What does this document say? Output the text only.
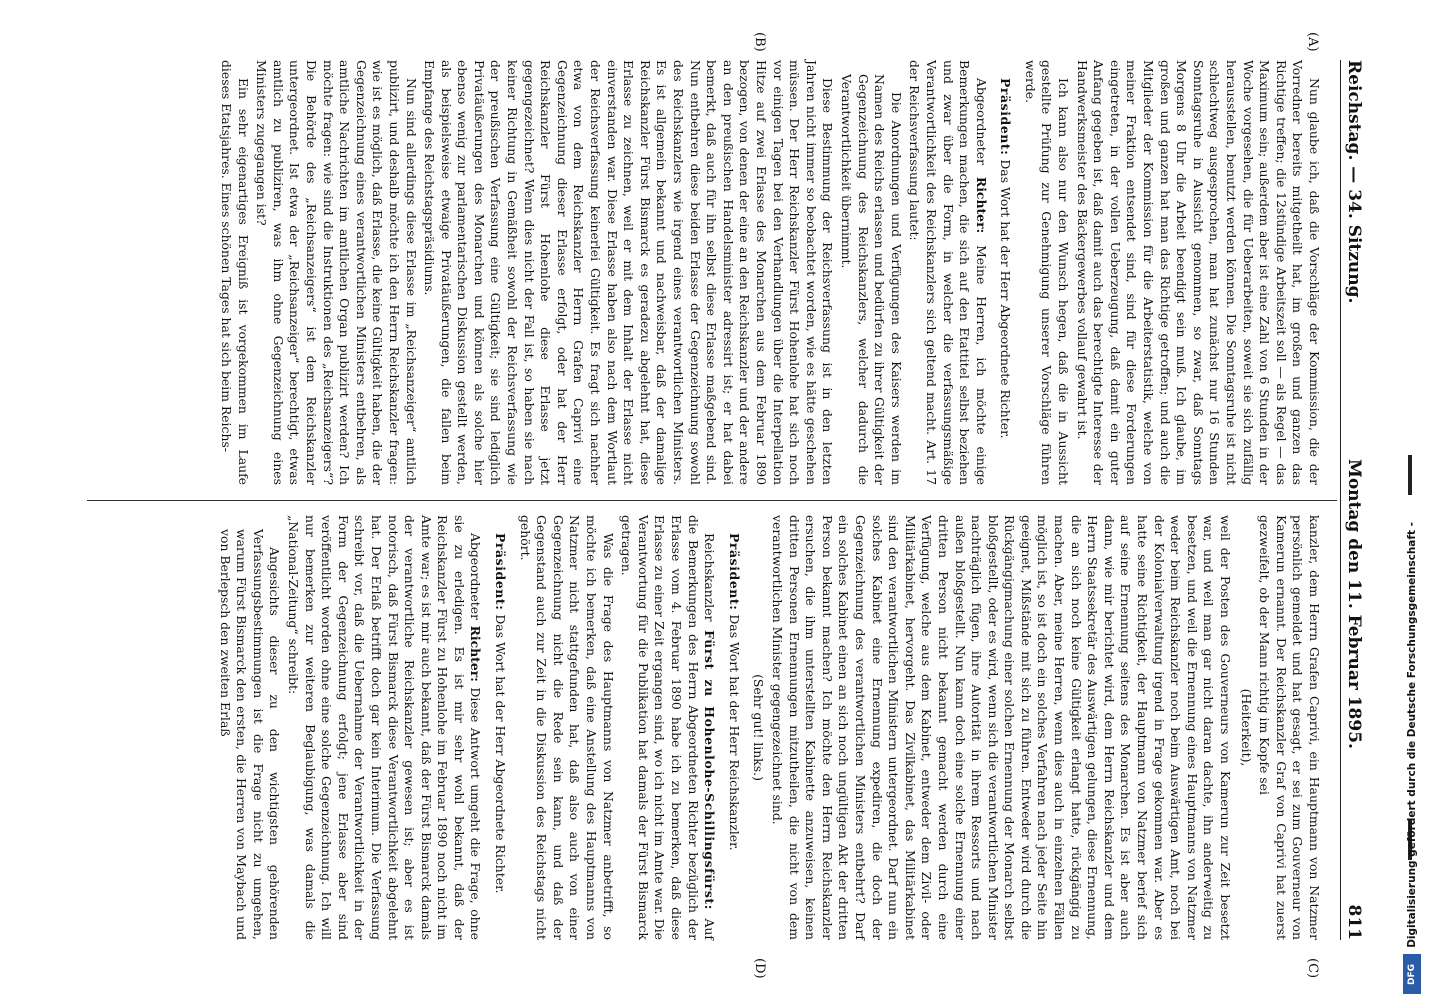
Reichstag. — 34. Sitzung.
Montag den 11. Februar 1895.
811
(A)
(B)
(C)
(D)

Nun glaube ich, daß die Vorschläge der Kommission, die der Vorredner bereits mitgetheilt hat, im großen und ganzen das Richtige treffen; die 12stündige Arbeitszeit soll — als Regel — das Maximum sein; außerdem aber ist eine Zahl von 6 Stunden in der Woche vorgesehen, die für Ueberarbeiten, soweit sie sich zufällig herausstellen, benutzt werden können. Die Sonntagsruhe ist nicht schlechtweg ausgesprochen, man hat zunächst nur 16 Stunden Sonntagsruhe in Aussicht genommen, so zwar, daß Sonntags Morgens 8 Uhr die Arbeit beendigt sein muß. Ich glaube, im großen und ganzen hat man das Richtige getroffen; und auch die Mitglieder der Kommission für die Arbeiterstatistik, welche von meiner Fraktion entsendet sind, sind für diese Forderungen eingetreten, in der vollen Ueberzeugung, daß damit ein guter Anfang gegeben ist, daß damit auch das berechtigte Interesse der Handwerksmeister des Bäckergewerbes vollauf gewahrt ist.

Ich kann also nur den Wunsch hegen, daß die in Aussicht gestellte Prüfung zur Genehmigung unserer Vorschläge führen werde.

Präsident: Das Wort hat der Herr Abgeordnete Richter.

Abgeordneter Richter: Meine Herren, ich möchte einige Bemerkungen machen, die sich auf den Etattitel selbst beziehen und zwar über die Form, in welcher die verfassungsmäßige Verantwortlichkeit des Reichskanzlers sich geltend macht. Art. 17 der Reichsverfassung lautet:

Die Anordnungen und Verfügungen des Kaisers werden im Namen des Reichs erlassen und bedürfen zu ihrer Gültigkeit der Gegenzeichnung des Reichskanzlers, welcher dadurch die Verantwortlichkeit übernimmt.

Diese Bestimmung der Reichsverfassung ist in den letzten Jahren nicht immer so beobachtet worden, wie es hätte geschehen müssen. Der Herr Reichskanzler Fürst Hohenlohe hat sich noch vor einigen Tagen bei den Verhandlungen über die Interpellation Hitze auf zwei Erlasse des Monarchen aus dem Februar 1890 bezogen, von denen der eine an den Reichskanzler und der andere an den preußischen Handelsminister adressirt ist; er hat dabei bemerkt, daß auch für ihn selbst diese Erlasse maßgebend sind. Nun entbehren diese beiden Erlasse der Gegenzeichnung sowohl des Reichskanzlers wie irgend eines verantwortlichen Ministers. Es ist allgemein bekannt und nachweisbar, daß der damalige Reichskanzler Fürst Bismarck es geradezu abgelehnt hat, diese Erlasse zu zeichnen, weil er mit dem Inhalt der Erlasse nicht einverstanden war. Diese Erlasse haben also nach dem Wortlaut der Reichsverfassung keinerlei Gültigkeit. Es fragt sich nachher etwa von dem Reichskanzler Herrn Grafen Caprivi eine Gegenzeichnung dieser Erlasse erfolgt, oder hat der Herr Reichskanzler Fürst Hohenlohe diese Erlasse jetzt gegengezeichnet? Wenn dies nicht der Fall ist, so haben sie nach keiner Richtung in Gemäßheit sowohl der Reichsverfassung wie der preußischen Verfassung eine Gültigkeit; sie sind lediglich Privatäußerungen des Monarchen und können als solche hier ebenso wenig zur parlamentarischen Diskussion gestellt werden, als beispielsweise etwaige Privatäußerungen, die fallen beim Empfange des Reichstagspräsidiums.

Nun sind allerdings diese Erlasse im „Reichsanzeiger“ amtlich publizirt, und deshalb möchte ich den Herrn Reichskanzler fragen: wie ist es möglich, daß Erlasse, die keine Gültigkeit haben, die der Gegenzeichnung eines verantwortlichen Ministers entbehren, als amtliche Nachrichten im amtlichen Organ publizirt werden? Ich möchte fragen: wie sind die Instruktionen des „Reichsanzeigers“? Die Behörde des „Reichsanzeigers“ ist dem Reichskanzler untergeordnet. Ist etwa der „Reichsanzeiger“ berechtigt, etwas amtlich zu publiziren, was ihm ohne Gegenzeichnung eines Ministers zugegangen ist?

Ein sehr eigenartiges Ereigniß ist vorgekommen im Laufe dieses Etatsjahres. Eines schönen Tages hat sich beim Reichs-

kanzler, dem Herrn Grafen Caprivi, ein Hauptmann von Natzmer persönlich gemeldet und hat gesagt, er sei zum Gouverneur von Kamerun ernannt. Der Reichskanzler Graf von Caprivi hat zuerst gezweifelt, ob der Mann richtig im Kopfe sei

(Heiterkeit),

weil der Posten des Gouverneurs von Kamerun zur Zeit besetzt war, und weil man gar nicht daran dachte, ihn anderweitig zu besetzen, und weil die Ernennung eines Hauptmanns von Natzmer weder beim Reichskanzler noch beim Auswärtigen Amt, noch bei der Kolonialverwaltung irgend in Frage gekommen war. Aber es hatte seine Richtigkeit, der Hauptmann von Natzmer berief sich auf seine Ernennung seitens des Monarchen. Es ist aber auch dann, wie mir berichtet wird, dem Herrn Reichskanzler und dem Herrn Staatssekretär des Auswärtigen gelungen, diese Ernennung, die an sich noch keine Gültigkeit erlangt hatte, rückgängig zu machen. Aber, meine Herren, wenn dies auch in einzelnen Fällen möglich ist, so ist doch ein solches Verfahren nach jeder Seite hin geeignet, Mißstände mit sich zu führen. Entweder wird durch die Rückgängigmachung einer solchen Ernennung der Monarch selbst bloßgestellt, oder es wird, wenn sich die verantwortlichen Minister nachträglich fügen, ihre Autorität in ihrem Ressorts und nach außen bloßgestellt. Nun kann doch eine solche Ernennung einer dritten Person nicht bekannt gemacht werden durch eine Verfügung, welche aus dem Kabinet, entweder dem Zivil- oder Militärkabinet, hervorgeht. Das Zivilkabinet, das Militärkabinet sind den verantwortlichen Ministern untergeordnet. Darf nun ein solches Kabinet eine Ernennung expediren, die doch der Gegenzeichnung des verantwortlichen Ministers entbehrt? Darf ein solches Kabinet einen an sich noch ungültigen Akt der dritten Person bekannt machen? Ich möchte den Herrn Reichskanzler ersuchen, die ihm unterstellten Kabinette anzuweisen, keinen dritten Personen Ernennungen mitzutheilen, die nicht von dem verantwortlichen Minister gegengezeichnet sind.

(Sehr gut! links.)

Präsident: Das Wort hat der Herr Reichskanzler.

Reichskanzler Fürst zu Hohenlohe-Schillingsfürst: Auf die Bemerkungen des Herrn Abgeordneten Richter bezüglich der Erlasse vom 4. Februar 1890 habe ich zu bemerken, daß diese Erlasse zu einer Zeit ergangen sind, wo ich nicht im Amte war. Die Verantwortung für die Publikation hat damals der Fürst Bismarck getragen.

Was die Frage des Hauptmanns von Natzmer anbetrifft, so möchte ich bemerken, daß eine Anstellung des Hauptmanns von Natzmer nicht stattgefunden hat, daß also auch von einer Gegenzeichnung nicht die Rede sein kann, und daß der Gegenstand auch zur Zeit in die Diskussion des Reichstags nicht gehört.

Präsident: Das Wort hat der Herr Abgeordnete Richter.

Abgeordneter Richter: Diese Antwort umgeht die Frage, ohne sie zu erledigen. Es ist mir sehr wohl bekannt, daß der Reichskanzler Fürst zu Hohenlohe im Februar 1890 noch nicht im Amte war; es ist mir auch bekannt, daß der Fürst Bismarck damals der verantwortliche Reichskanzler gewesen ist; aber es ist notorisch, daß Fürst Bismarck diese Verantwortlichkeit abgelehnt hat. Der Erlaß betrifft doch gar kein Interimum. Die Verfassung schreibt vor, daß die Uebernahme der Verantwortlichkeit in der Form der Gegenzeichnung erfolgt; jene Erlasse aber sind veröffentlicht worden ohne eine solche Gegenzeichnung. Ich will nur bemerken zur weiteren Beglaubigung, was damals die „National-Zeitung“ schreibt:

Angesichts dieser zu den wichtigsten gehörenden Verfassungsbestimmungen ist die Frage nicht zu umgehen, warum Fürst Bismarck den ersten, die Herren von Maybach und von Berlepsch den zweiten Erlaß	Digitalisierung gefördert durch die Deutsche Forschungsgemeinschaft -
DFG
